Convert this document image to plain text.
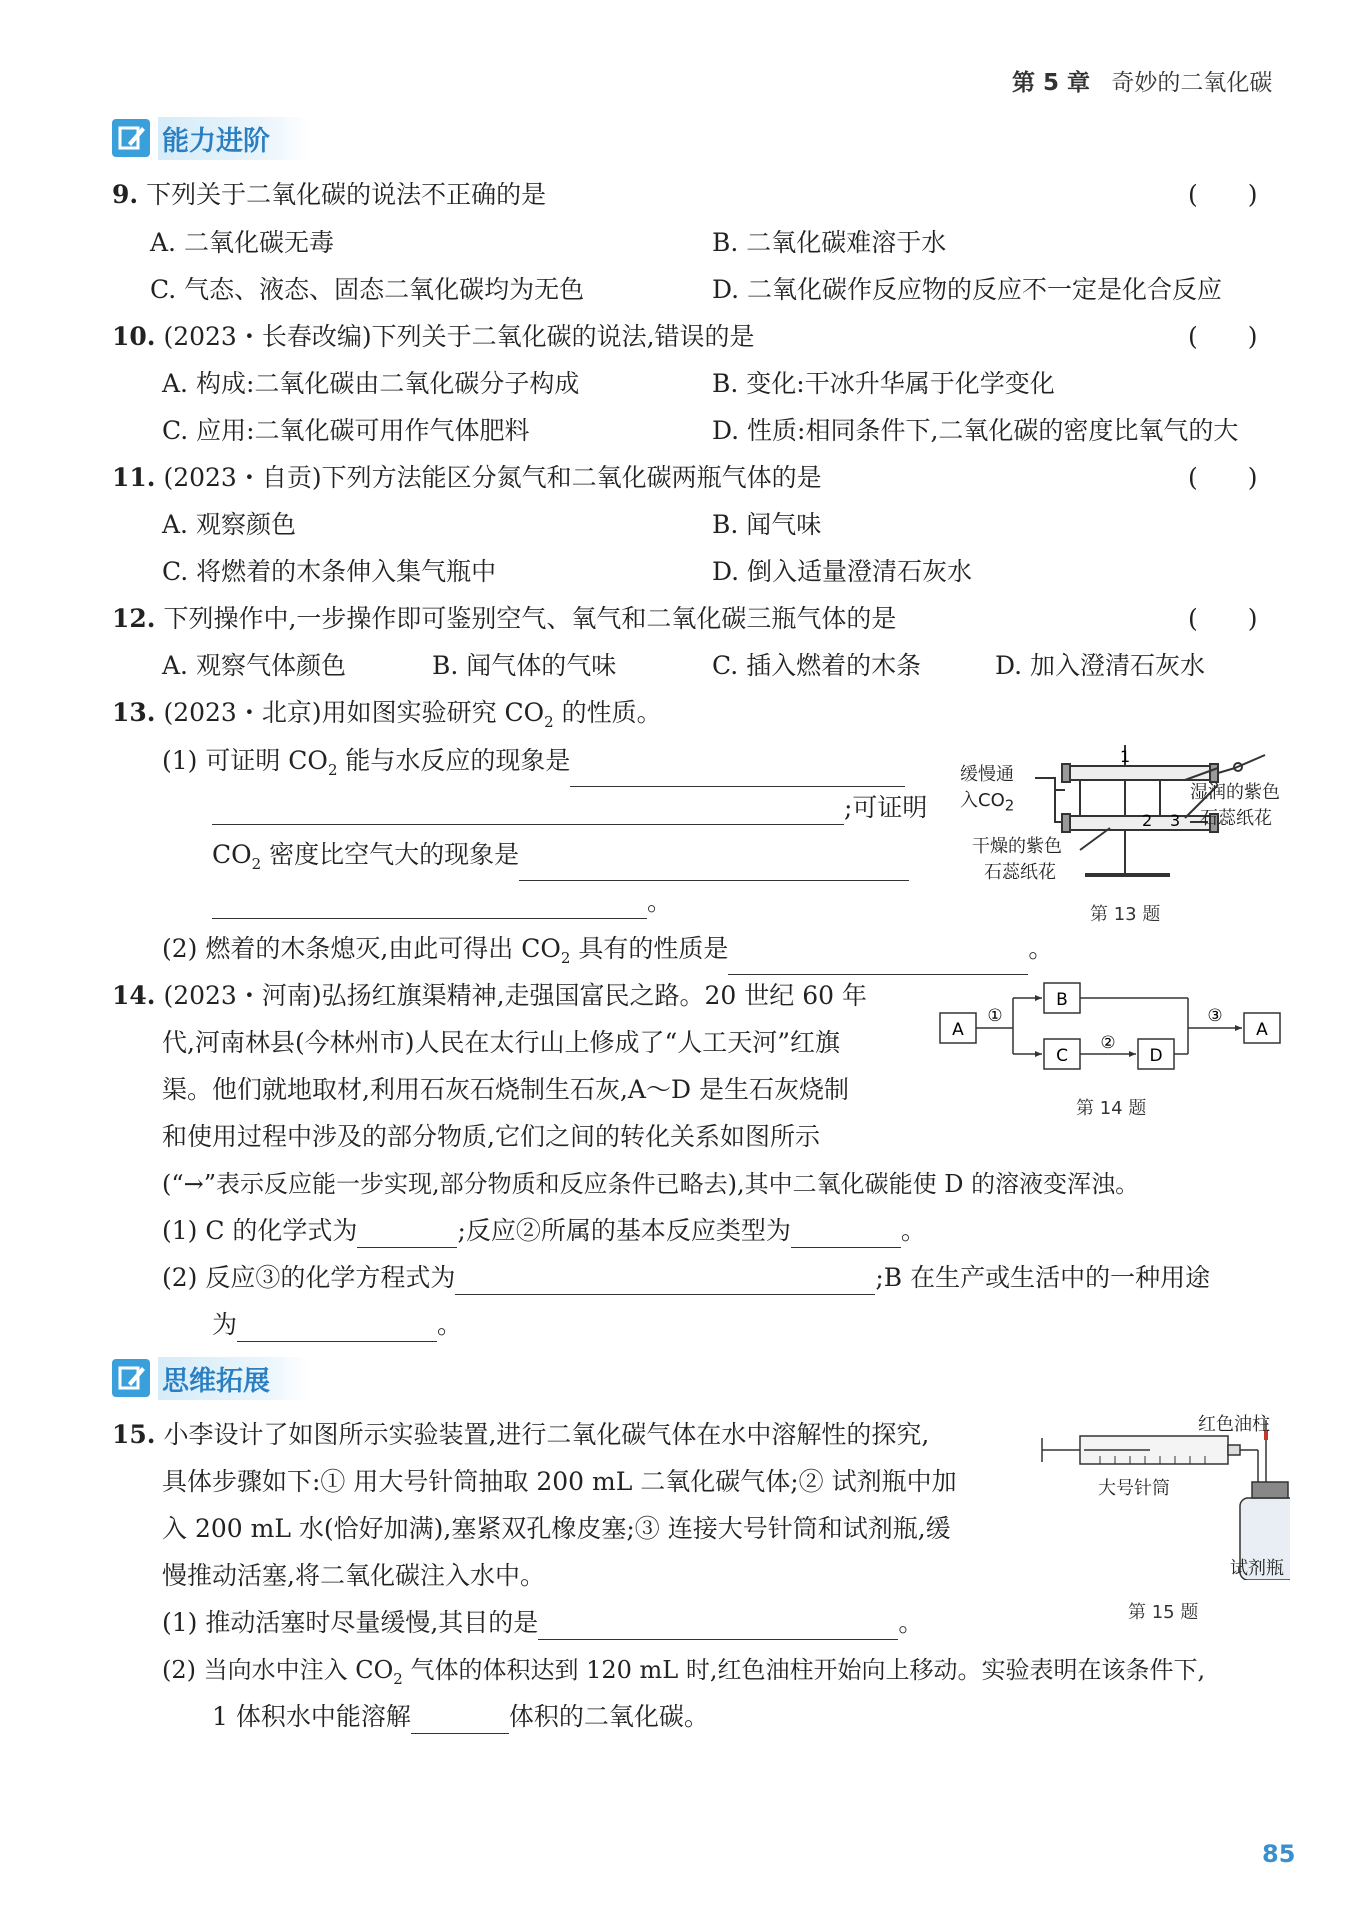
第 5 章 奇妙的二氧化碳
能力进阶
9. 下列关于二氧化碳的说法不正确的是	(　　)
A. 二氧化碳无毒	B. 二氧化碳难溶于水
C. 气态、液态、固态二氧化碳均为无色	D. 二氧化碳作反应物的反应不一定是化合反应
10. (2023・长春改编)下列关于二氧化碳的说法,错误的是	(　　)
A. 构成:二氧化碳由二氧化碳分子构成	B. 变化:干冰升华属于化学变化
C. 应用:二氧化碳可用作气体肥料	D. 性质:相同条件下,二氧化碳的密度比氧气的大
11. (2023・自贡)下列方法能区分氮气和二氧化碳两瓶气体的是	(　　)
A. 观察颜色	B. 闻气味
C. 将燃着的木条伸入集气瓶中	D. 倒入适量澄清石灰水
12. 下列操作中,一步操作即可鉴别空气、氧气和二氧化碳三瓶气体的是	(　　)
A. 观察气体颜色	B. 闻气体的气味	C. 插入燃着的木条	D. 加入澄清石灰水
13. (2023・北京)用如图实验研究 $CO_2$ 的性质。
(1) 可证明 $CO_2$ 能与水反应的现象是
;可证明
$CO_2$ 密度比空气大的现象是
。
(2) 燃着的木条熄灭,由此可得出 $CO_2$ 具有的性质是	。
1
2 3
缓慢通
入$CO_2$
湿润的紫色
石蕊纸花
干燥的紫色
石蕊纸花
第 13 题
14. (2023・河南)弘扬红旗渠精神,走强国富民之路。20 世纪 60 年
代,河南林县(今林州市)人民在太行山上修成了“人工天河”红旗
渠。他们就地取材,利用石灰石烧制生石灰,A～D 是生石灰烧制
和使用过程中涉及的部分物质,它们之间的转化关系如图所示
(“→”表示反应能一步实现,部分物质和反应条件已略去),其中二氧化碳能使 D 的溶液变浑浊。
(1) C 的化学式为	;反应②所属的基本反应类型为	。
(2) 反应③的化学方程式为	;B 在生产或生活中的一种用途
为	。
A
B
C	D
A
①
②
③
第 14 题
思维拓展
15. 小李设计了如图所示实验装置,进行二氧化碳气体在水中溶解性的探究,
具体步骤如下:① 用大号针筒抽取 200 mL 二氧化碳气体;② 试剂瓶中加
入 200 mL 水(恰好加满),塞紧双孔橡皮塞;③ 连接大号针筒和试剂瓶,缓
慢推动活塞,将二氧化碳注入水中。
(1) 推动活塞时尽量缓慢,其目的是	。
(2) 当向水中注入 $CO_2$ 气体的体积达到 120 mL 时,红色油柱开始向上移动。实验表明在该条件下,
1 体积水中能溶解	体积的二氧化碳。
红色油柱
大号针筒
试剂瓶
第 15 题
85
